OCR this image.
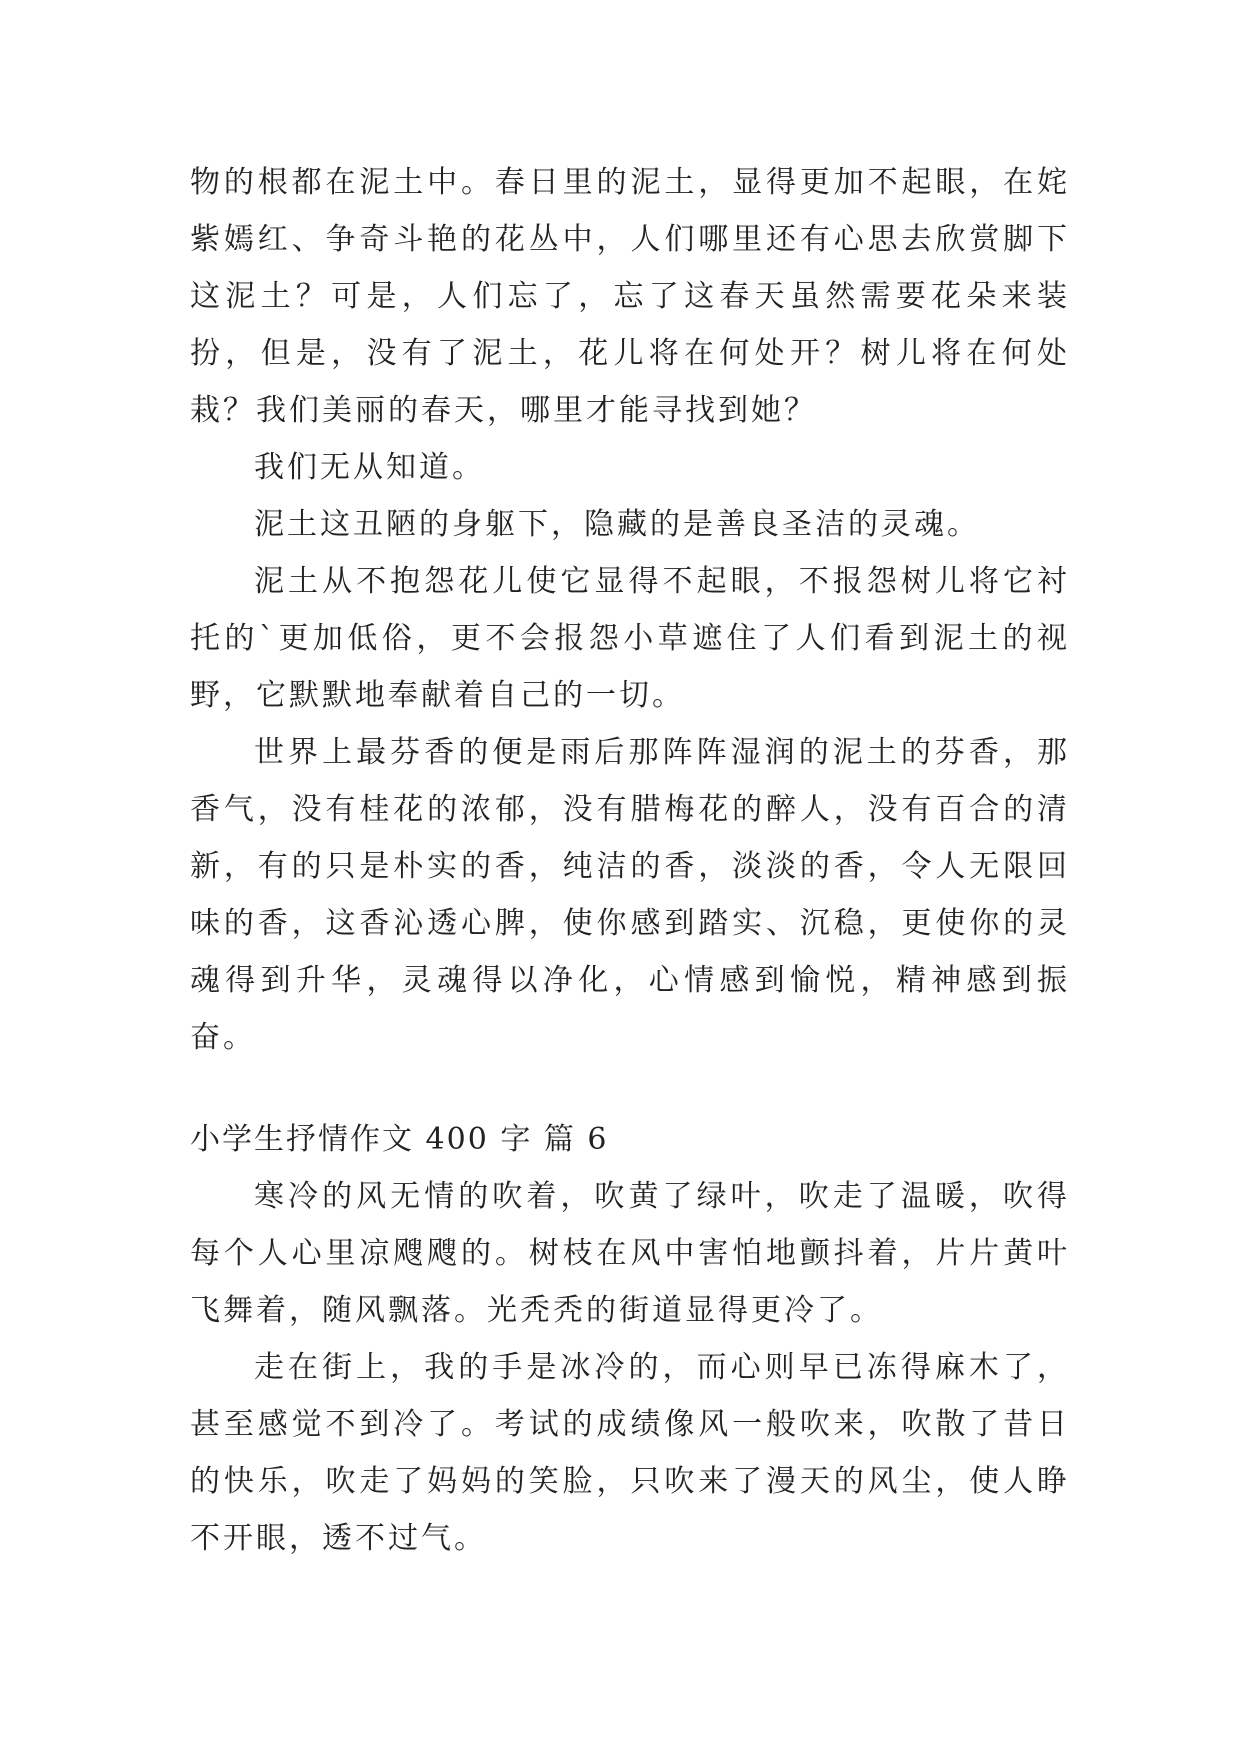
物的根都在泥土中。春日里的泥土，显得更加不起眼，在姹紫嫣红、争奇斗艳的花丛中，人们哪里还有心思去欣赏脚下这泥土？可是，人们忘了，忘了这春天虽然需要花朵来装扮，但是，没有了泥土，花儿将在何处开？树儿将在何处栽？我们美丽的春天，哪里才能寻找到她？

我们无从知道。

泥土这丑陋的身躯下，隐藏的是善良圣洁的灵魂。

泥土从不抱怨花儿使它显得不起眼，不报怨树儿将它衬托的`更加低俗，更不会报怨小草遮住了人们看到泥土的视野，它默默地奉献着自己的一切。

世界上最芬香的便是雨后那阵阵湿润的泥土的芬香，那香气，没有桂花的浓郁，没有腊梅花的醉人，没有百合的清新，有的只是朴实的香，纯洁的香，淡淡的香，令人无限回味的香，这香沁透心脾，使你感到踏实、沉稳，更使你的灵魂得到升华，灵魂得以净化，心情感到愉悦，精神感到振奋。

小学生抒情作文 400 字 篇 6

寒冷的风无情的吹着，吹黄了绿叶，吹走了温暖，吹得每个人心里凉飕飕的。树枝在风中害怕地颤抖着，片片黄叶飞舞着，随风飘落。光秃秃的街道显得更冷了。

走在街上，我的手是冰冷的，而心则早已冻得麻木了，甚至感觉不到冷了。考试的成绩像风一般吹来，吹散了昔日的快乐，吹走了妈妈的笑脸，只吹来了漫天的风尘，使人睁不开眼，透不过气。
